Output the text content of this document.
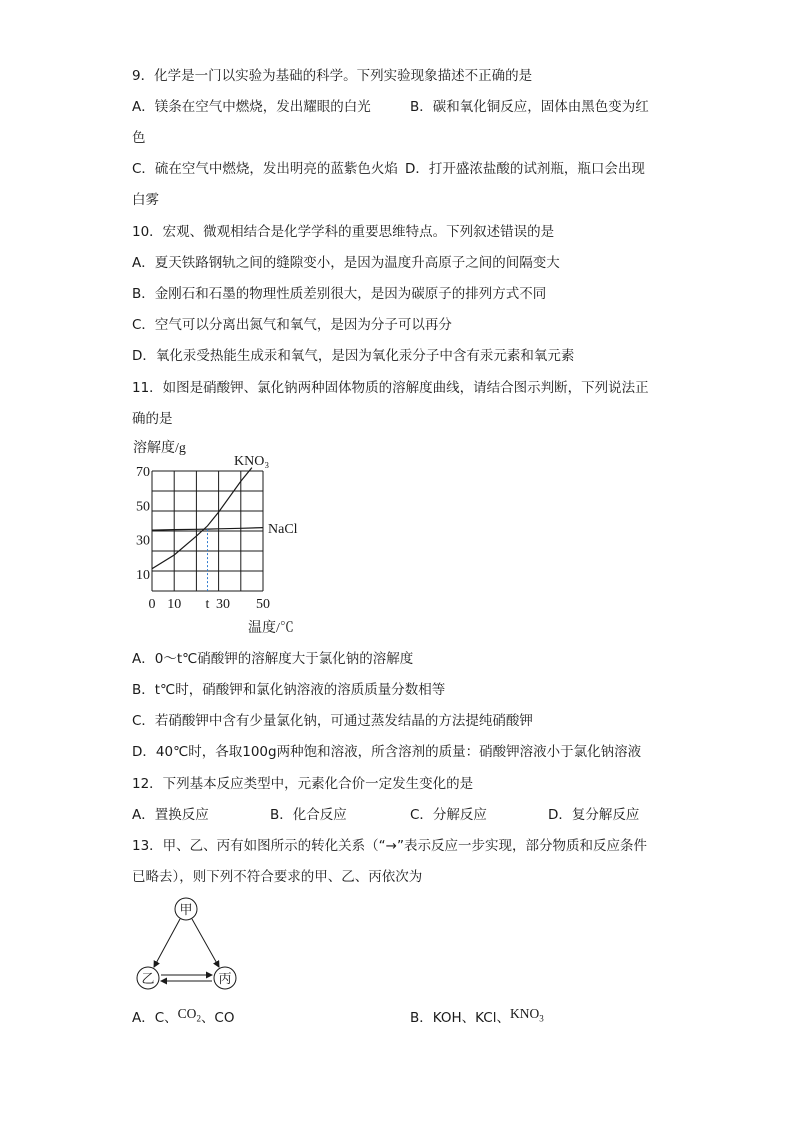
9．化学是一门以实验为基础的科学。下列实验现象描述不正确的是
A．镁条在空气中燃烧，发出耀眼的白光	B．碳和氧化铜反应，固体由黑色变为红
色
C．硫在空气中燃烧，发出明亮的蓝紫色火焰 D．打开盛浓盐酸的试剂瓶，瓶口会出现
白雾
10．宏观、微观相结合是化学学科的重要思维特点。下列叙述错误的是
A．夏天铁路钢轨之间的缝隙变小，是因为温度升高原子之间的间隔变大
B．金刚石和石墨的物理性质差别很大，是因为碳原子的排列方式不同
C．空气可以分离出氮气和氧气，是因为分子可以再分
D．氧化汞受热能生成汞和氧气，是因为氧化汞分子中含有汞元素和氧元素
11．如图是硝酸钾、氯化钠两种固体物质的溶解度曲线，请结合图示判断，下列说法正
确的是
溶解度/g
70
50
30
10
0 10 t 30 50
KNO₃
NaCl
温度/℃
A．0～t℃硝酸钾的溶解度大于氯化钠的溶解度
B．t℃时，硝酸钾和氯化钠溶液的溶质质量分数相等
C．若硝酸钾中含有少量氯化钠，可通过蒸发结晶的方法提纯硝酸钾
D．40℃时，各取100g两种饱和溶液，所含溶剂的质量：硝酸钾溶液小于氯化钠溶液
12．下列基本反应类型中，元素化合价一定发生变化的是
A．置换反应	B．化合反应	C．分解反应	D．复分解反应
13．甲、乙、丙有如图所示的转化关系（“→”表示反应一步实现，部分物质和反应条件
已略去），则下列不符合要求的甲、乙、丙依次为
甲
乙	丙
A．C、$CO_2$、CO	B．KOH、KCl、$KNO_3$
